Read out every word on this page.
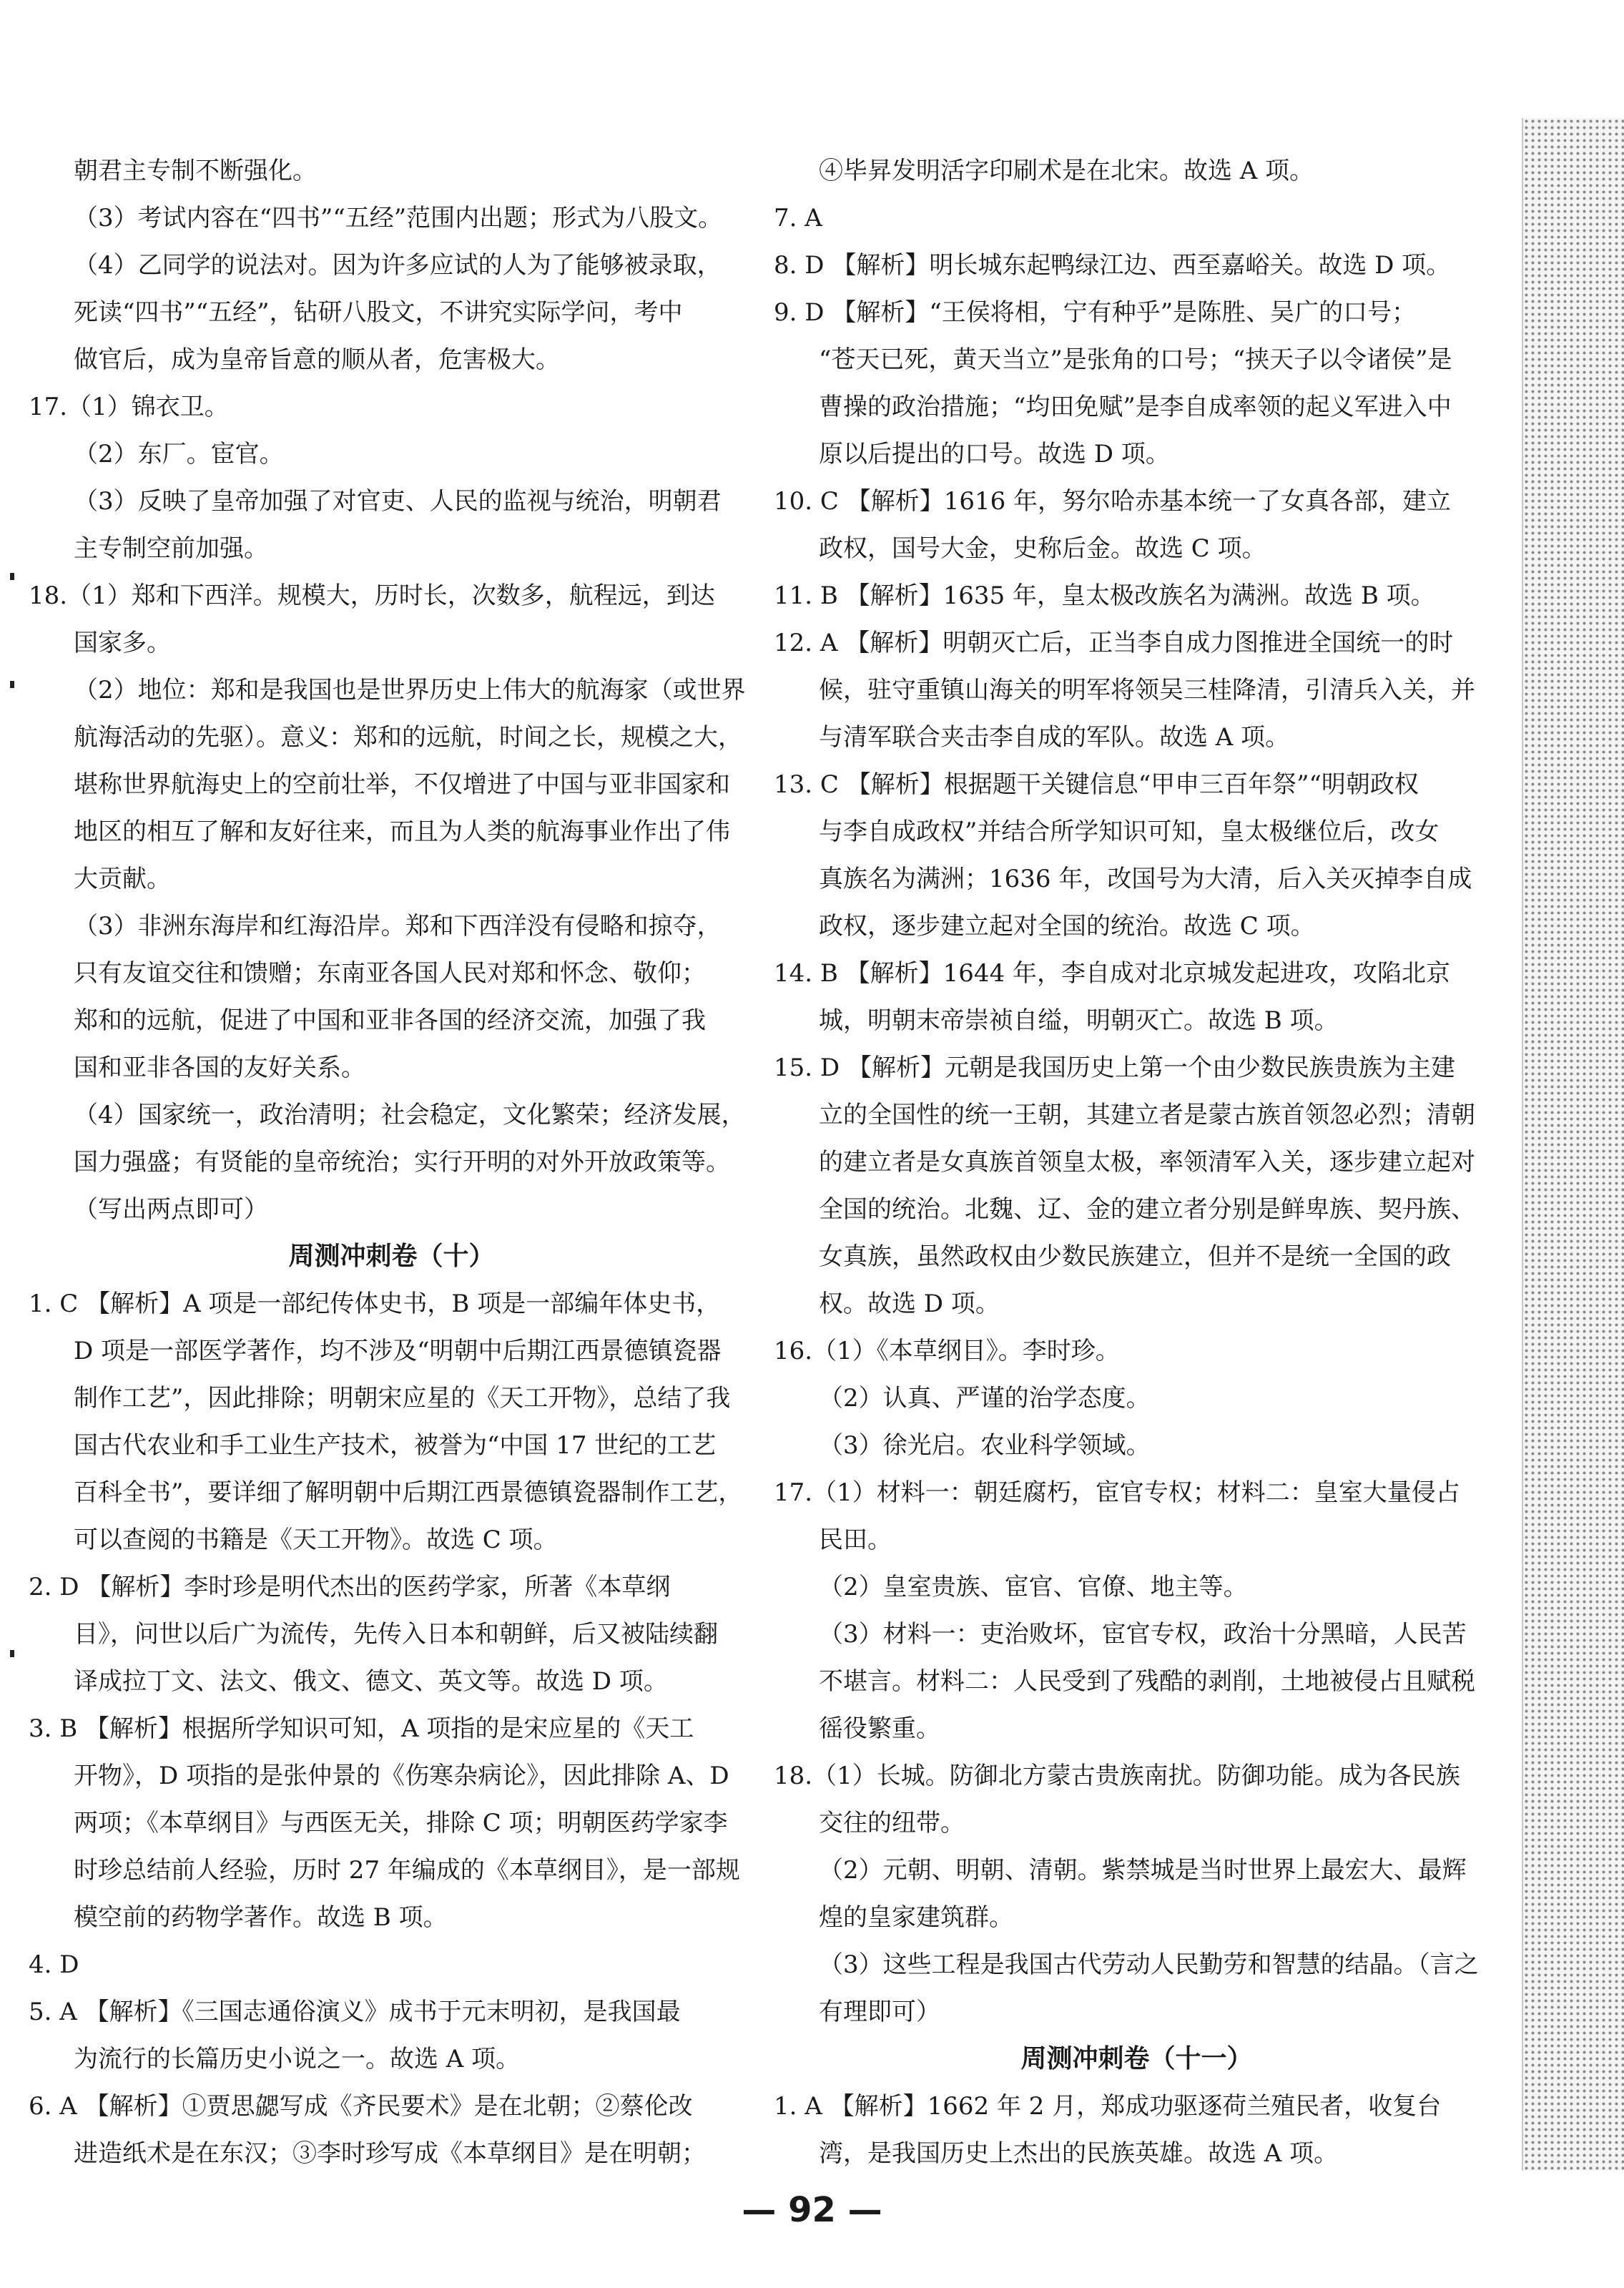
朝君主专制不断强化。
（3）考试内容在“四书”“五经”范围内出题；形式为八股文。
（4）乙同学的说法对。因为许多应试的人为了能够被录取，
死读“四书”“五经”，钻研八股文，不讲究实际学问，考中
做官后，成为皇帝旨意的顺从者，危害极大。
17.（1）锦衣卫。
（2）东厂。宦官。
（3）反映了皇帝加强了对官吏、人民的监视与统治，明朝君
主专制空前加强。
18.（1）郑和下西洋。规模大，历时长，次数多，航程远，到达
国家多。
（2）地位：郑和是我国也是世界历史上伟大的航海家（或世界
航海活动的先驱）。意义：郑和的远航，时间之长，规模之大，
堪称世界航海史上的空前壮举，不仅增进了中国与亚非国家和
地区的相互了解和友好往来，而且为人类的航海事业作出了伟
大贡献。
（3）非洲东海岸和红海沿岸。郑和下西洋没有侵略和掠夺，
只有友谊交往和馈赠；东南亚各国人民对郑和怀念、敬仰；
郑和的远航，促进了中国和亚非各国的经济交流，加强了我
国和亚非各国的友好关系。
（4）国家统一，政治清明；社会稳定，文化繁荣；经济发展，
国力强盛；有贤能的皇帝统治；实行开明的对外开放政策等。
（写出两点即可）
周测冲刺卷（十）
1. C 【解析】A 项是一部纪传体史书，B 项是一部编年体史书，
D 项是一部医学著作，均不涉及“明朝中后期江西景德镇瓷器
制作工艺”，因此排除；明朝宋应星的《天工开物》，总结了我
国古代农业和手工业生产技术，被誉为“中国 17 世纪的工艺
百科全书”，要详细了解明朝中后期江西景德镇瓷器制作工艺，
可以查阅的书籍是《天工开物》。故选 C 项。
2. D 【解析】李时珍是明代杰出的医药学家，所著《本草纲
目》，问世以后广为流传，先传入日本和朝鲜，后又被陆续翻
译成拉丁文、法文、俄文、德文、英文等。故选 D 项。
3. B 【解析】根据所学知识可知，A 项指的是宋应星的《天工
开物》，D 项指的是张仲景的《伤寒杂病论》，因此排除 A、D
两项；《本草纲目》与西医无关，排除 C 项；明朝医药学家李
时珍总结前人经验，历时 27 年编成的《本草纲目》，是一部规
模空前的药物学著作。故选 B 项。
4. D
5. A 【解析】《三国志通俗演义》成书于元末明初，是我国最
为流行的长篇历史小说之一。故选 A 项。
6. A 【解析】①贾思勰写成《齐民要术》是在北朝；②蔡伦改
进造纸术是在东汉；③李时珍写成《本草纲目》是在明朝；
④毕昇发明活字印刷术是在北宋。故选 A 项。
7. A
8. D 【解析】明长城东起鸭绿江边、西至嘉峪关。故选 D 项。
9. D 【解析】“王侯将相，宁有种乎”是陈胜、吴广的口号；
“苍天已死，黄天当立”是张角的口号；“挟天子以令诸侯”是
曹操的政治措施；“均田免赋”是李自成率领的起义军进入中
原以后提出的口号。故选 D 项。
10. C 【解析】1616 年，努尔哈赤基本统一了女真各部，建立
政权，国号大金，史称后金。故选 C 项。
11. B 【解析】1635 年，皇太极改族名为满洲。故选 B 项。
12. A 【解析】明朝灭亡后，正当李自成力图推进全国统一的时
候，驻守重镇山海关的明军将领吴三桂降清，引清兵入关，并
与清军联合夹击李自成的军队。故选 A 项。
13. C 【解析】根据题干关键信息“甲申三百年祭”“明朝政权
与李自成政权”并结合所学知识可知，皇太极继位后，改女
真族名为满洲；1636 年，改国号为大清，后入关灭掉李自成
政权，逐步建立起对全国的统治。故选 C 项。
14. B 【解析】1644 年，李自成对北京城发起进攻，攻陷北京
城，明朝末帝崇祯自缢，明朝灭亡。故选 B 项。
15. D 【解析】元朝是我国历史上第一个由少数民族贵族为主建
立的全国性的统一王朝，其建立者是蒙古族首领忽必烈；清朝
的建立者是女真族首领皇太极，率领清军入关，逐步建立起对
全国的统治。北魏、辽、金的建立者分别是鲜卑族、契丹族、
女真族，虽然政权由少数民族建立，但并不是统一全国的政
权。故选 D 项。
16.（1）《本草纲目》。李时珍。
（2）认真、严谨的治学态度。
（3）徐光启。农业科学领域。
17.（1）材料一：朝廷腐朽，宦官专权；材料二：皇室大量侵占
民田。
（2）皇室贵族、宦官、官僚、地主等。
（3）材料一：吏治败坏，宦官专权，政治十分黑暗，人民苦
不堪言。材料二：人民受到了残酷的剥削，土地被侵占且赋税
徭役繁重。
18.（1）长城。防御北方蒙古贵族南扰。防御功能。成为各民族
交往的纽带。
（2）元朝、明朝、清朝。紫禁城是当时世界上最宏大、最辉
煌的皇家建筑群。
（3）这些工程是我国古代劳动人民勤劳和智慧的结晶。（言之
有理即可）
周测冲刺卷（十一）
1. A 【解析】1662 年 2 月，郑成功驱逐荷兰殖民者，收复台
湾，是我国历史上杰出的民族英雄。故选 A 项。
— 92 —
